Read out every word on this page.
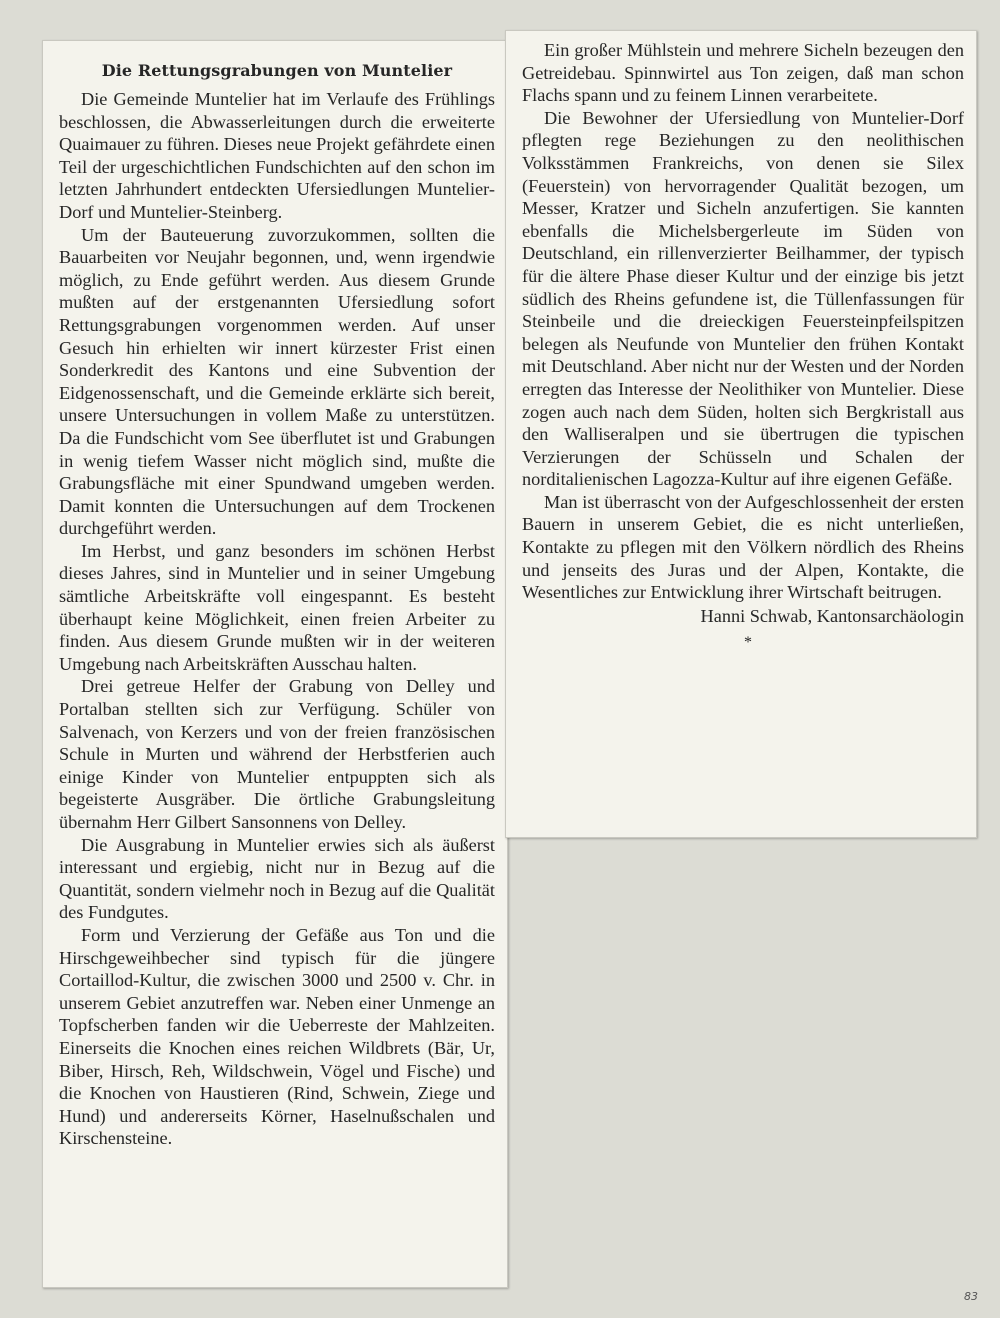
Die Rettungsgrabungen von Muntelier

Die Gemeinde Muntelier hat im Verlaufe des Frühlings beschlossen, die Abwasserleitungen durch die erweiterte Quaimauer zu führen. Dieses neue Projekt gefährdete einen Teil der urgeschichtlichen Fundschichten auf den schon im letzten Jahrhundert entdeckten Ufersiedlungen Muntelier-Dorf und Muntelier-Steinberg.

Um der Bauteuerung zuvorzukommen, sollten die Bauarbeiten vor Neujahr begonnen, und, wenn irgendwie möglich, zu Ende geführt werden. Aus diesem Grunde mußten auf der erstgenannten Ufersiedlung sofort Rettungsgrabungen vorgenommen werden. Auf unser Gesuch hin erhielten wir innert kürzester Frist einen Sonderkredit des Kantons und eine Subvention der Eidgenossenschaft, und die Gemeinde erklärte sich bereit, unsere Untersuchungen in vollem Maße zu unterstützen. Da die Fundschicht vom See überflutet ist und Grabungen in wenig tiefem Wasser nicht möglich sind, mußte die Grabungsfläche mit einer Spundwand umgeben werden. Damit konnten die Untersuchungen auf dem Trockenen durchgeführt werden.

Im Herbst, und ganz besonders im schönen Herbst dieses Jahres, sind in Muntelier und in seiner Umgebung sämtliche Arbeitskräfte voll eingespannt. Es besteht überhaupt keine Möglichkeit, einen freien Arbeiter zu finden. Aus diesem Grunde mußten wir in der weiteren Umgebung nach Arbeitskräften Ausschau halten.

Drei getreue Helfer der Grabung von Delley und Portalban stellten sich zur Verfügung. Schüler von Salvenach, von Kerzers und von der freien französischen Schule in Murten und während der Herbstferien auch einige Kinder von Muntelier entpuppten sich als begeisterte Ausgräber. Die örtliche Grabungsleitung übernahm Herr Gilbert Sansonnens von Delley.

Die Ausgrabung in Muntelier erwies sich als äußerst interessant und ergiebig, nicht nur in Bezug auf die Quantität, sondern vielmehr noch in Bezug auf die Qualität des Fundgutes.

Form und Verzierung der Gefäße aus Ton und die Hirschgeweihbecher sind typisch für die jüngere Cortaillod-Kultur, die zwischen 3000 und 2500 v. Chr. in unserem Gebiet anzutreffen war. Neben einer Unmenge an Topfscherben fanden wir die Ueberreste der Mahlzeiten. Einerseits die Knochen eines reichen Wildbrets (Bär, Ur, Biber, Hirsch, Reh, Wildschwein, Vögel und Fische) und die Knochen von Haustieren (Rind, Schwein, Ziege und Hund) und andererseits Körner, Haselnußschalen und Kirschensteine.

Ein großer Mühlstein und mehrere Sicheln bezeugen den Getreidebau. Spinnwirtel aus Ton zeigen, daß man schon Flachs spann und zu feinem Linnen verarbeitete.

Die Bewohner der Ufersiedlung von Muntelier-Dorf pflegten rege Beziehungen zu den neolithischen Volksstämmen Frankreichs, von denen sie Silex (Feuerstein) von hervorragender Qualität bezogen, um Messer, Kratzer und Sicheln anzufertigen. Sie kannten ebenfalls die Michelsbergerleute im Süden von Deutschland, ein rillenverzierter Beilhammer, der typisch für die ältere Phase dieser Kultur und der einzige bis jetzt südlich des Rheins gefundene ist, die Tüllenfassungen für Steinbeile und die dreieckigen Feuersteinpfeilspitzen belegen als Neufunde von Muntelier den frühen Kontakt mit Deutschland. Aber nicht nur der Westen und der Norden erregten das Interesse der Neolithiker von Muntelier. Diese zogen auch nach dem Süden, holten sich Bergkristall aus den Walliseralpen und sie übertrugen die typischen Verzierungen der Schüsseln und Schalen der norditalienischen Lagozza-Kultur auf ihre eigenen Gefäße.

Man ist überrascht von der Aufgeschlossenheit der ersten Bauern in unserem Gebiet, die es nicht unterließen, Kontakte zu pflegen mit den Völkern nördlich des Rheins und jenseits des Juras und der Alpen, Kontakte, die Wesentliches zur Entwicklung ihrer Wirtschaft beitrugen.

Hanni Schwab, Kantonsarchäologin

*
83
